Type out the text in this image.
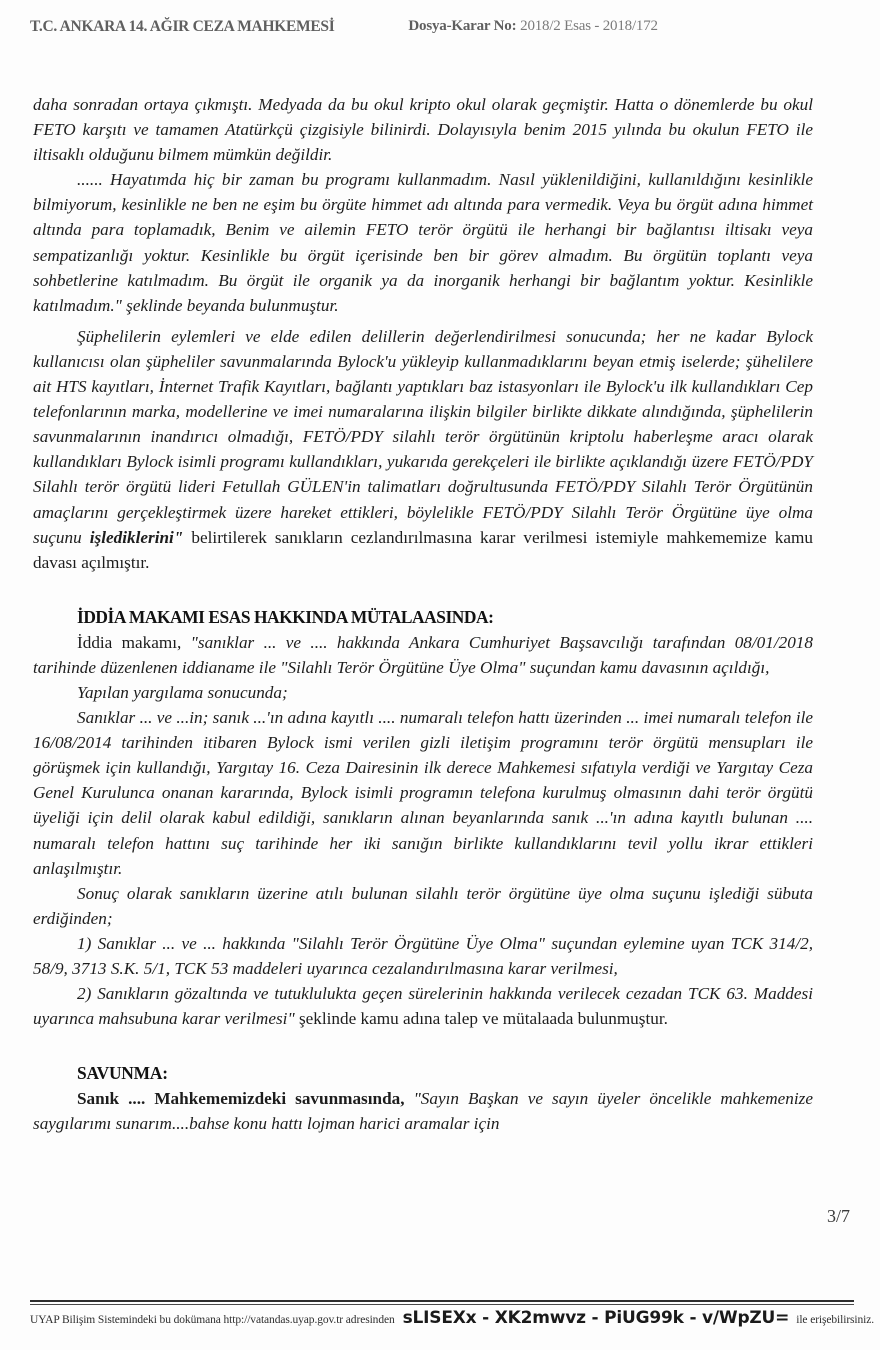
T.C. ANKARA 14. AĞIR CEZA MAHKEMESİ	Dosya-Karar No: 2018/2 Esas - 2018/172

daha sonradan ortaya çıkmıştı. Medyada da bu okul kripto okul olarak geçmiştir. Hatta o dönemlerde bu okul FETO karşıtı ve tamamen Atatürkçü çizgisiyle bilinirdi. Dolayısıyla benim 2015 yılında bu okulun FETO ile iltisaklı olduğunu bilmem mümkün değildir.

...... Hayatımda hiç bir zaman bu programı kullanmadım. Nasıl yüklenildiğini, kullanıldığını kesinlikle bilmiyorum, kesinlikle ne ben ne eşim bu örgüte himmet adı altında para vermedik. Veya bu örgüt adına himmet altında para toplamadık, Benim ve ailemin FETO terör örgütü ile herhangi bir bağlantısı iltisakı veya sempatizanlığı yoktur. Kesinlikle bu örgüt içerisinde ben bir görev almadım. Bu örgütün toplantı veya sohbetlerine katılmadım. Bu örgüt ile organik ya da inorganik herhangi bir bağlantım yoktur. Kesinlikle katılmadım." şeklinde beyanda bulunmuştur.

Şüphelilerin eylemleri ve elde edilen delillerin değerlendirilmesi sonucunda; her ne kadar Bylock kullanıcısı olan şüpheliler savunmalarında Bylock'u yükleyip kullanmadıklarını beyan etmiş iselerde; şühelilere ait HTS kayıtları, İnternet Trafik Kayıtları, bağlantı yaptıkları baz istasyonları ile Bylock'u ilk kullandıkları Cep telefonlarının marka, modellerine ve imei numaralarına ilişkin bilgiler birlikte dikkate alındığında, şüphelilerin savunmalarının inandırıcı olmadığı, FETÖ/PDY silahlı terör örgütünün kriptolu haberleşme aracı olarak kullandıkları Bylock isimli programı kullandıkları, yukarıda gerekçeleri ile birlikte açıklandığı üzere FETÖ/PDY Silahlı terör örgütü lideri Fetullah GÜLEN'in talimatları doğrultusunda FETÖ/PDY Silahlı Terör Örgütünün amaçlarını gerçekleştirmek üzere hareket ettikleri, böylelikle FETÖ/PDY Silahlı Terör Örgütüne üye olma suçunu işlediklerini" belirtilerek sanıkların cezlandırılmasına karar verilmesi istemiyle mahkememize kamu davası açılmıştır.

İDDİA MAKAMI ESAS HAKKINDA MÜTALAASINDA:

İddia makamı, "sanıklar ... ve .... hakkında Ankara Cumhuriyet Başsavcılığı tarafından 08/01/2018 tarihinde düzenlenen iddianame ile "Silahlı Terör Örgütüne Üye Olma" suçundan kamu davasının açıldığı,

Yapılan yargılama sonucunda;

Sanıklar ... ve ...in; sanık ...'ın adına kayıtlı .... numaralı telefon hattı üzerinden ... imei numaralı telefon ile 16/08/2014 tarihinden itibaren Bylock ismi verilen gizli iletişim programını terör örgütü mensupları ile görüşmek için kullandığı, Yargıtay 16. Ceza Dairesinin ilk derece Mahkemesi sıfatıyla verdiği ve Yargıtay Ceza Genel Kurulunca onanan kararında, Bylock isimli programın telefona kurulmuş olmasının dahi terör örgütü üyeliği için delil olarak kabul edildiği, sanıkların alınan beyanlarında sanık ...'ın adına kayıtlı bulunan .... numaralı telefon hattını suç tarihinde her iki sanığın birlikte kullandıklarını tevil yollu ikrar ettikleri anlaşılmıştır.

Sonuç olarak sanıkların üzerine atılı bulunan silahlı terör örgütüne üye olma suçunu işlediği sübuta erdiğinden;

1) Sanıklar ... ve ... hakkında "Silahlı Terör Örgütüne Üye Olma" suçundan eylemine uyan TCK 314/2, 58/9, 3713 S.K. 5/1, TCK 53 maddeleri uyarınca cezalandırılmasına karar verilmesi,

2) Sanıkların gözaltında ve tutuklulukta geçen sürelerinin hakkında verilecek cezadan TCK 63. Maddesi uyarınca mahsubuna karar verilmesi" şeklinde kamu adına talep ve mütalaada bulunmuştur.

SAVUNMA:

Sanık .... Mahkememizdeki savunmasında, "Sayın Başkan ve sayın üyeler öncelikle mahkemenize saygılarımı sunarım....bahse konu hattı lojman harici aramalar için

3/7
UYAP Bilişim Sistemindeki bu dokümana http://vatandas.uyap.gov.tr adresinden sLISEXx - XK2mwvz - PiUG99k - v/WpZU= ile erişebilirsiniz.
